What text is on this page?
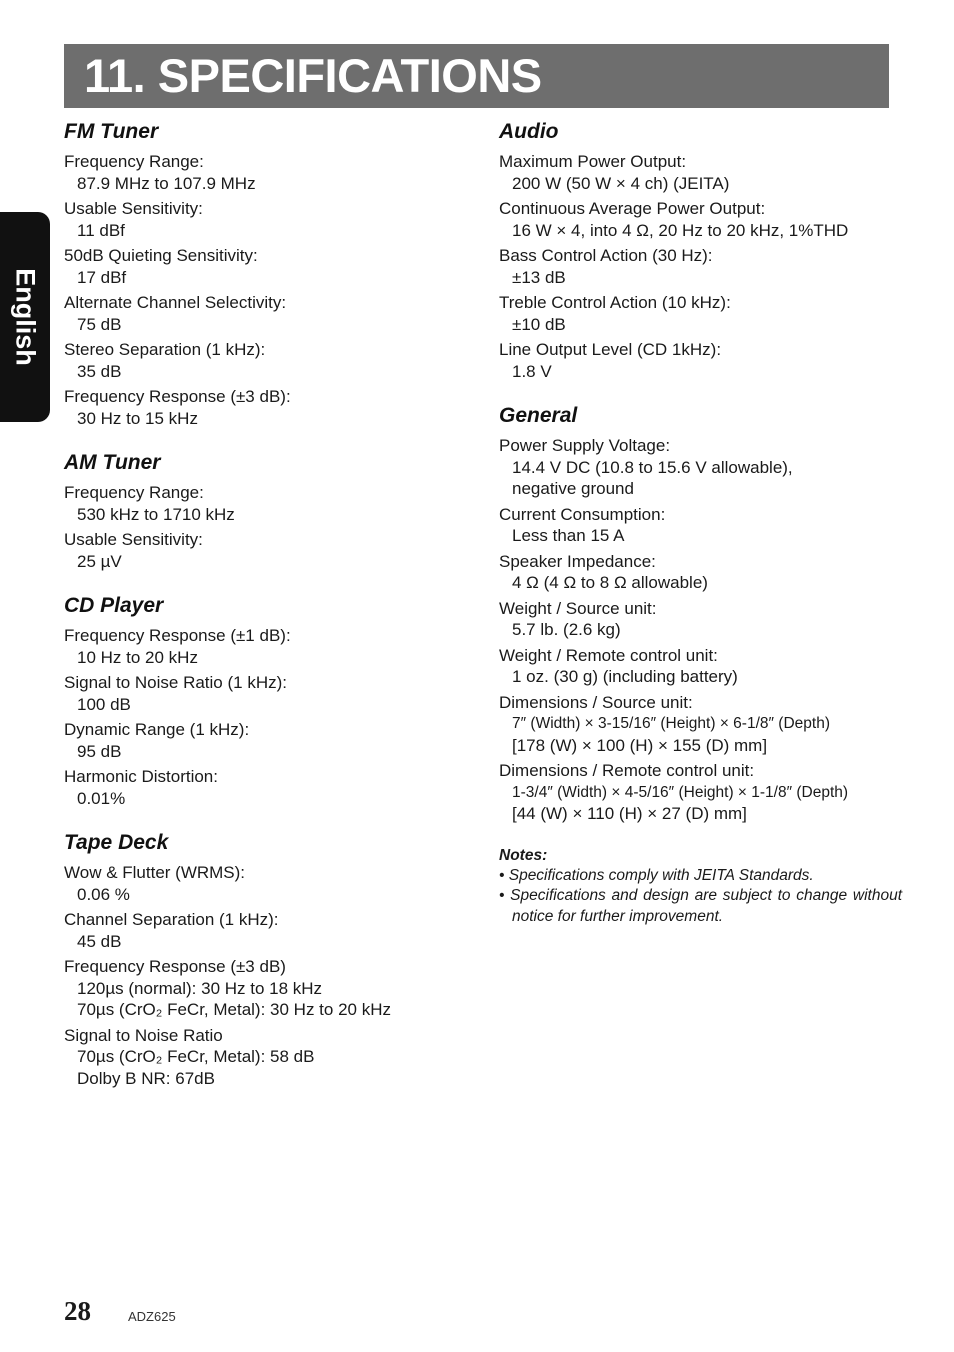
11. SPECIFICATIONS
English
FM Tuner
Frequency Range:
87.9 MHz to 107.9 MHz
Usable Sensitivity:
11 dBf
50dB Quieting Sensitivity:
17 dBf
Alternate Channel Selectivity:
75 dB
Stereo Separation (1 kHz):
35 dB
Frequency Response (±3 dB):
30 Hz to 15 kHz
AM Tuner
Frequency Range:
530 kHz to 1710 kHz
Usable Sensitivity:
25 µV
CD Player
Frequency Response (±1 dB):
10 Hz to 20 kHz
Signal to Noise Ratio (1 kHz):
100 dB
Dynamic Range (1 kHz):
95 dB
Harmonic Distortion:
0.01%
Tape Deck
Wow & Flutter (WRMS):
0.06 %
Channel Separation (1 kHz):
45 dB
Frequency Response (±3 dB)
120µs (normal): 30 Hz to 18 kHz
70µs (CrO₂ FeCr, Metal): 30 Hz to 20 kHz
Signal to Noise Ratio
70µs (CrO₂ FeCr, Metal): 58 dB
Dolby B NR: 67dB
Audio
Maximum Power Output:
200 W (50 W × 4 ch) (JEITA)
Continuous Average Power Output:
16 W × 4, into 4 Ω, 20 Hz to 20 kHz, 1%THD
Bass Control Action (30 Hz):
±13 dB
Treble Control Action (10 kHz):
±10 dB
Line Output Level (CD 1kHz):
1.8 V
General
Power Supply Voltage:
14.4 V DC (10.8 to 15.6 V allowable),
negative ground
Current Consumption:
Less than 15 A
Speaker Impedance:
4 Ω (4 Ω to 8 Ω allowable)
Weight / Source unit:
5.7 lb. (2.6 kg)
Weight / Remote control unit:
1 oz. (30 g) (including battery)
Dimensions / Source unit:
7″ (Width) × 3-15/16″ (Height) × 6-1/8″ (Depth)
[178 (W) × 100 (H) × 155 (D) mm]
Dimensions / Remote control unit:
1-3/4″ (Width) × 4-5/16″ (Height) × 1-1/8″ (Depth)
[44 (W) × 110 (H) × 27 (D) mm]
Notes:
• Specifications comply with JEITA Standards.
• Specifications and design are subject to change without notice for further improvement.
28	ADZ625
